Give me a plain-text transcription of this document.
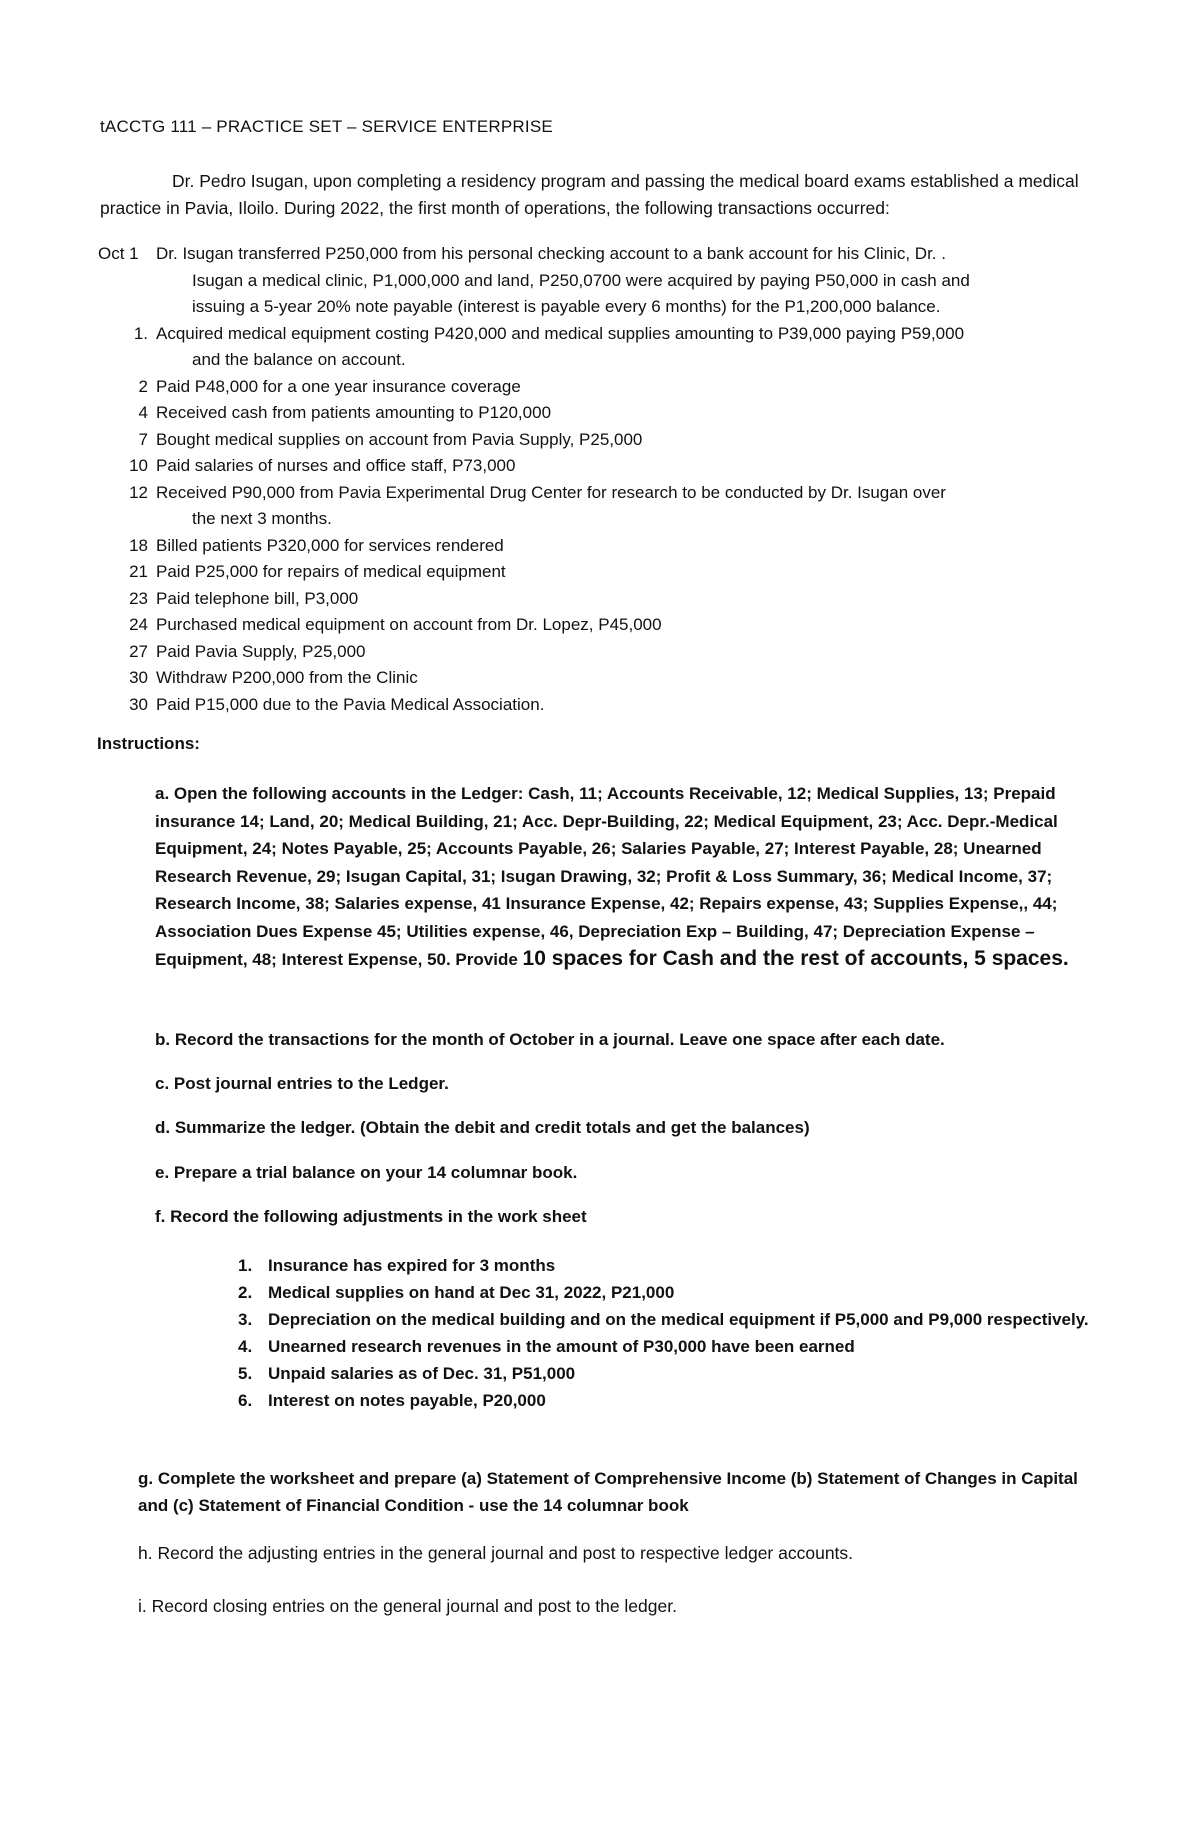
tACCTG 111 – PRACTICE SET – SERVICE ENTERPRISE
Dr. Pedro Isugan, upon completing a residency program and passing the medical board exams established a medical practice in Pavia, Iloilo. During 2022, the first month of operations, the following transactions occurred:
Oct 1	Dr. Isugan transferred P250,000 from his personal checking account to a bank account for his Clinic, Dr. .
Isugan a medical clinic, P1,000,000 and land, P250,0700 were acquired by paying P50,000 in cash and
issuing a 5-year 20% note payable (interest is payable every 6 months) for the P1,200,000 balance.
1. Acquired medical equipment costing P420,000 and medical supplies amounting to P39,000 paying P59,000
and the balance on account.
2 Paid P48,000 for a one year insurance coverage
4 Received cash from patients amounting to P120,000
7 Bought medical supplies on account from Pavia Supply, P25,000
10 Paid salaries of nurses and office staff, P73,000
12 Received P90,000 from Pavia Experimental Drug Center for research to be conducted by Dr. Isugan over
the next 3 months.
18 Billed patients P320,000 for services rendered
21 Paid P25,000 for repairs of medical equipment
23 Paid telephone bill, P3,000
24 Purchased medical equipment on account from Dr. Lopez, P45,000
27 Paid Pavia Supply, P25,000
30 Withdraw P200,000 from the Clinic
30 Paid P15,000 due to the Pavia Medical Association.
Instructions:
a. Open the following accounts in the Ledger: Cash, 11; Accounts Receivable, 12; Medical Supplies, 13; Prepaid insurance 14; Land, 20; Medical Building, 21; Acc. Depr-Building, 22; Medical Equipment, 23; Acc. Depr.-Medical Equipment, 24; Notes Payable, 25; Accounts Payable, 26; Salaries Payable, 27; Interest Payable, 28; Unearned Research Revenue, 29; Isugan Capital, 31; Isugan Drawing, 32; Profit & Loss Summary, 36; Medical Income, 37; Research Income, 38; Salaries expense, 41 Insurance Expense, 42; Repairs expense, 43; Supplies Expense,, 44; Association Dues Expense 45; Utilities expense, 46, Depreciation Exp – Building, 47; Depreciation Expense – Equipment, 48; Interest Expense, 50. Provide 10 spaces for Cash and the rest of accounts, 5 spaces.
b. Record the transactions for the month of October in a journal. Leave one space after each date.
c. Post journal entries to the Ledger.
d. Summarize the ledger. (Obtain the debit and credit totals and get the balances)
e. Prepare a trial balance on your 14 columnar book.
f. Record the following adjustments in the work sheet
1. Insurance has expired for 3 months
2. Medical supplies on hand at Dec 31, 2022, P21,000
3. Depreciation on the medical building and on the medical equipment if P5,000 and P9,000 respectively.
4. Unearned research revenues in the amount of P30,000 have been earned
5. Unpaid salaries as of Dec. 31, P51,000
6. Interest on notes payable, P20,000
g. Complete the worksheet and prepare (a) Statement of Comprehensive Income (b) Statement of Changes in Capital and (c) Statement of Financial Condition - use the 14 columnar book
h. Record the adjusting entries in the general journal and post to respective ledger accounts.
i. Record closing entries on the general journal and post to the ledger.
